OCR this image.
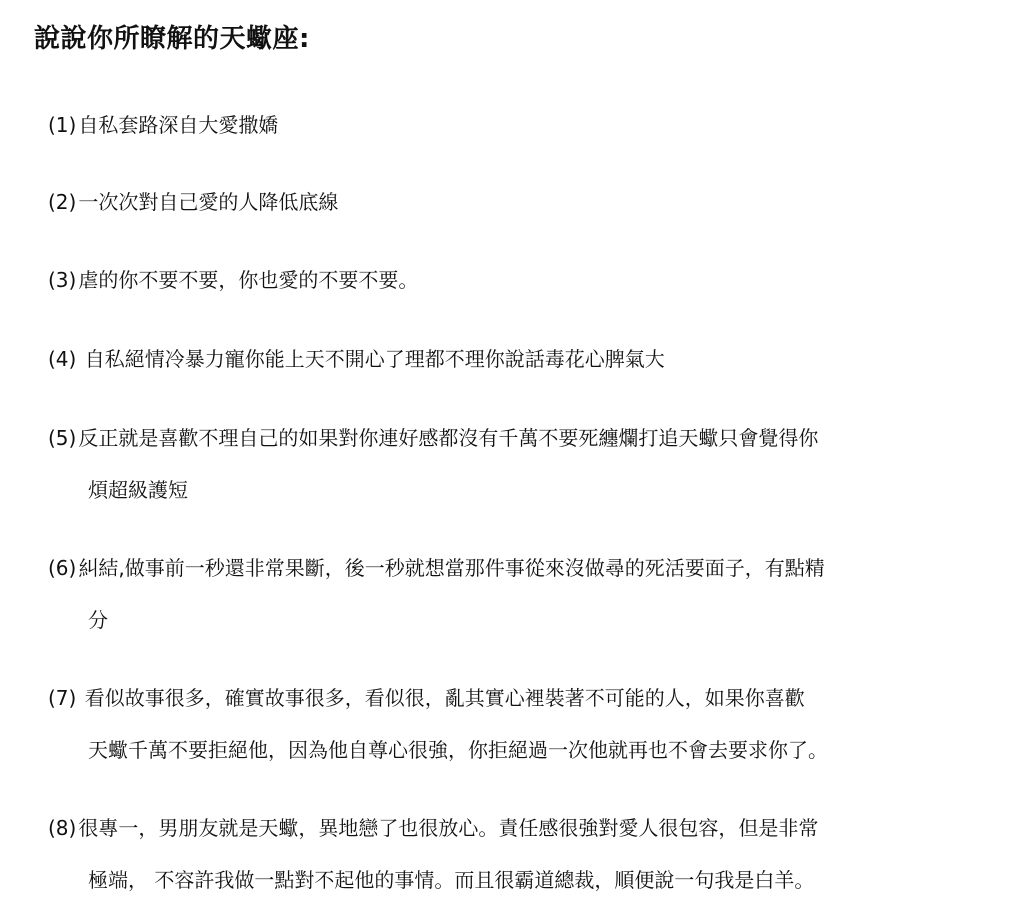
說說你所瞭解的天蠍座:
(1) 自私套路深自大愛撒嬌
(2) 一次次對自己愛的人降低底線
(3) 虐的你不要不要，你也愛的不要不要。
(4) 自私絕情冷暴力寵你能上天不開心了理都不理你說話毒花心脾氣大
(5) 反正就是喜歡不理自己的如果對你連好感都沒有千萬不要死纏爛打追天蠍只會覺得你
煩超級護短
(6) 糾結,做事前一秒還非常果斷，後一秒就想當那件事從來沒做尋的死活要面子，有點精
分
(7) 看似故事很多，確實故事很多，看似很，亂其實心裡裝著不可能的人，如果你喜歡
天蠍千萬不要拒絕他，因為他自尊心很強，你拒絕過一次他就再也不會去要求你了。
(8) 很專一，男朋友就是天蠍，異地戀了也很放心。責任感很強對愛人很包容，但是非常
極端， 不容許我做一點對不起他的事情。而且很霸道總裁，順便說一句我是白羊。
